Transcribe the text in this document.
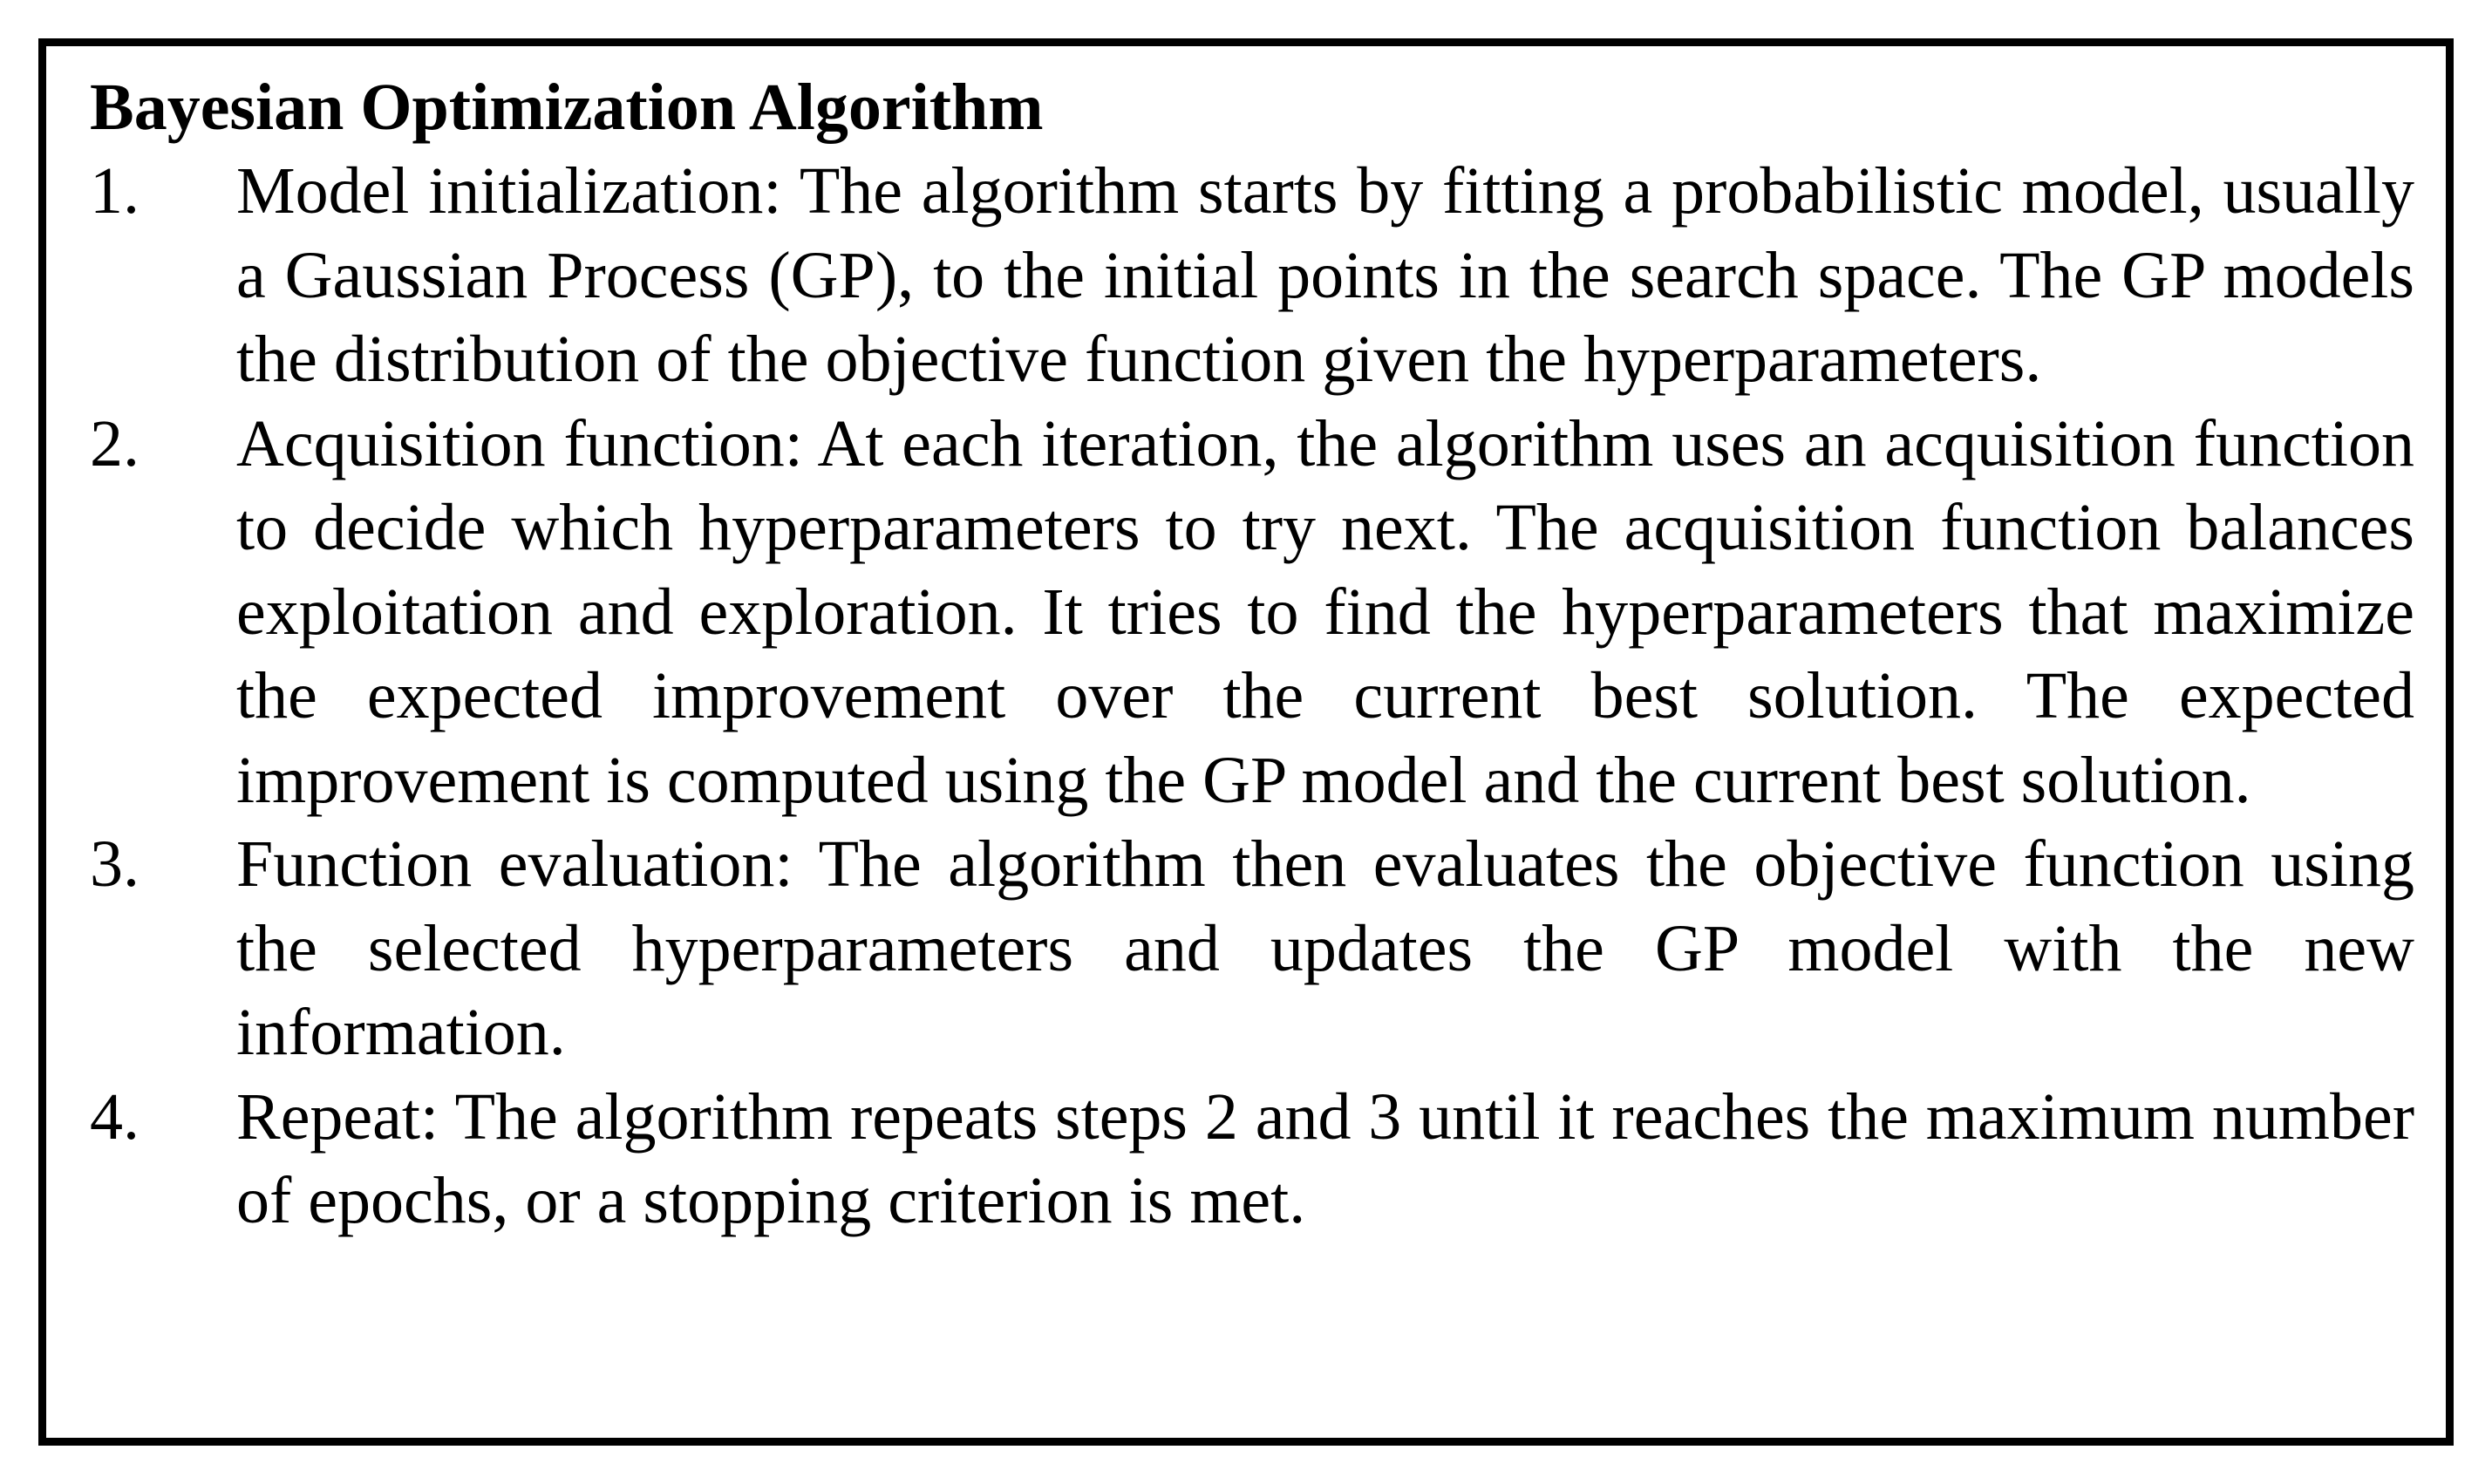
Bayesian Optimization Algorithm
1. Model initialization: The algorithm starts by fitting a probabilistic model, usually a Gaussian Process (GP), to the initial points in the search space. The GP models the distribution of the objective function given the hyperparameters.
2. Acquisition function: At each iteration, the algorithm uses an acquisition function to decide which hyperparameters to try next. The acquisition function balances exploitation and exploration. It tries to find the hyperparameters that maximize the expected improvement over the current best solution. The expected improvement is computed using the GP model and the current best solution.
3. Function evaluation: The algorithm then evaluates the objective function using the selected hyperparameters and updates the GP model with the new information.
4. Repeat: The algorithm repeats steps 2 and 3 until it reaches the maximum number of epochs, or a stopping criterion is met.
